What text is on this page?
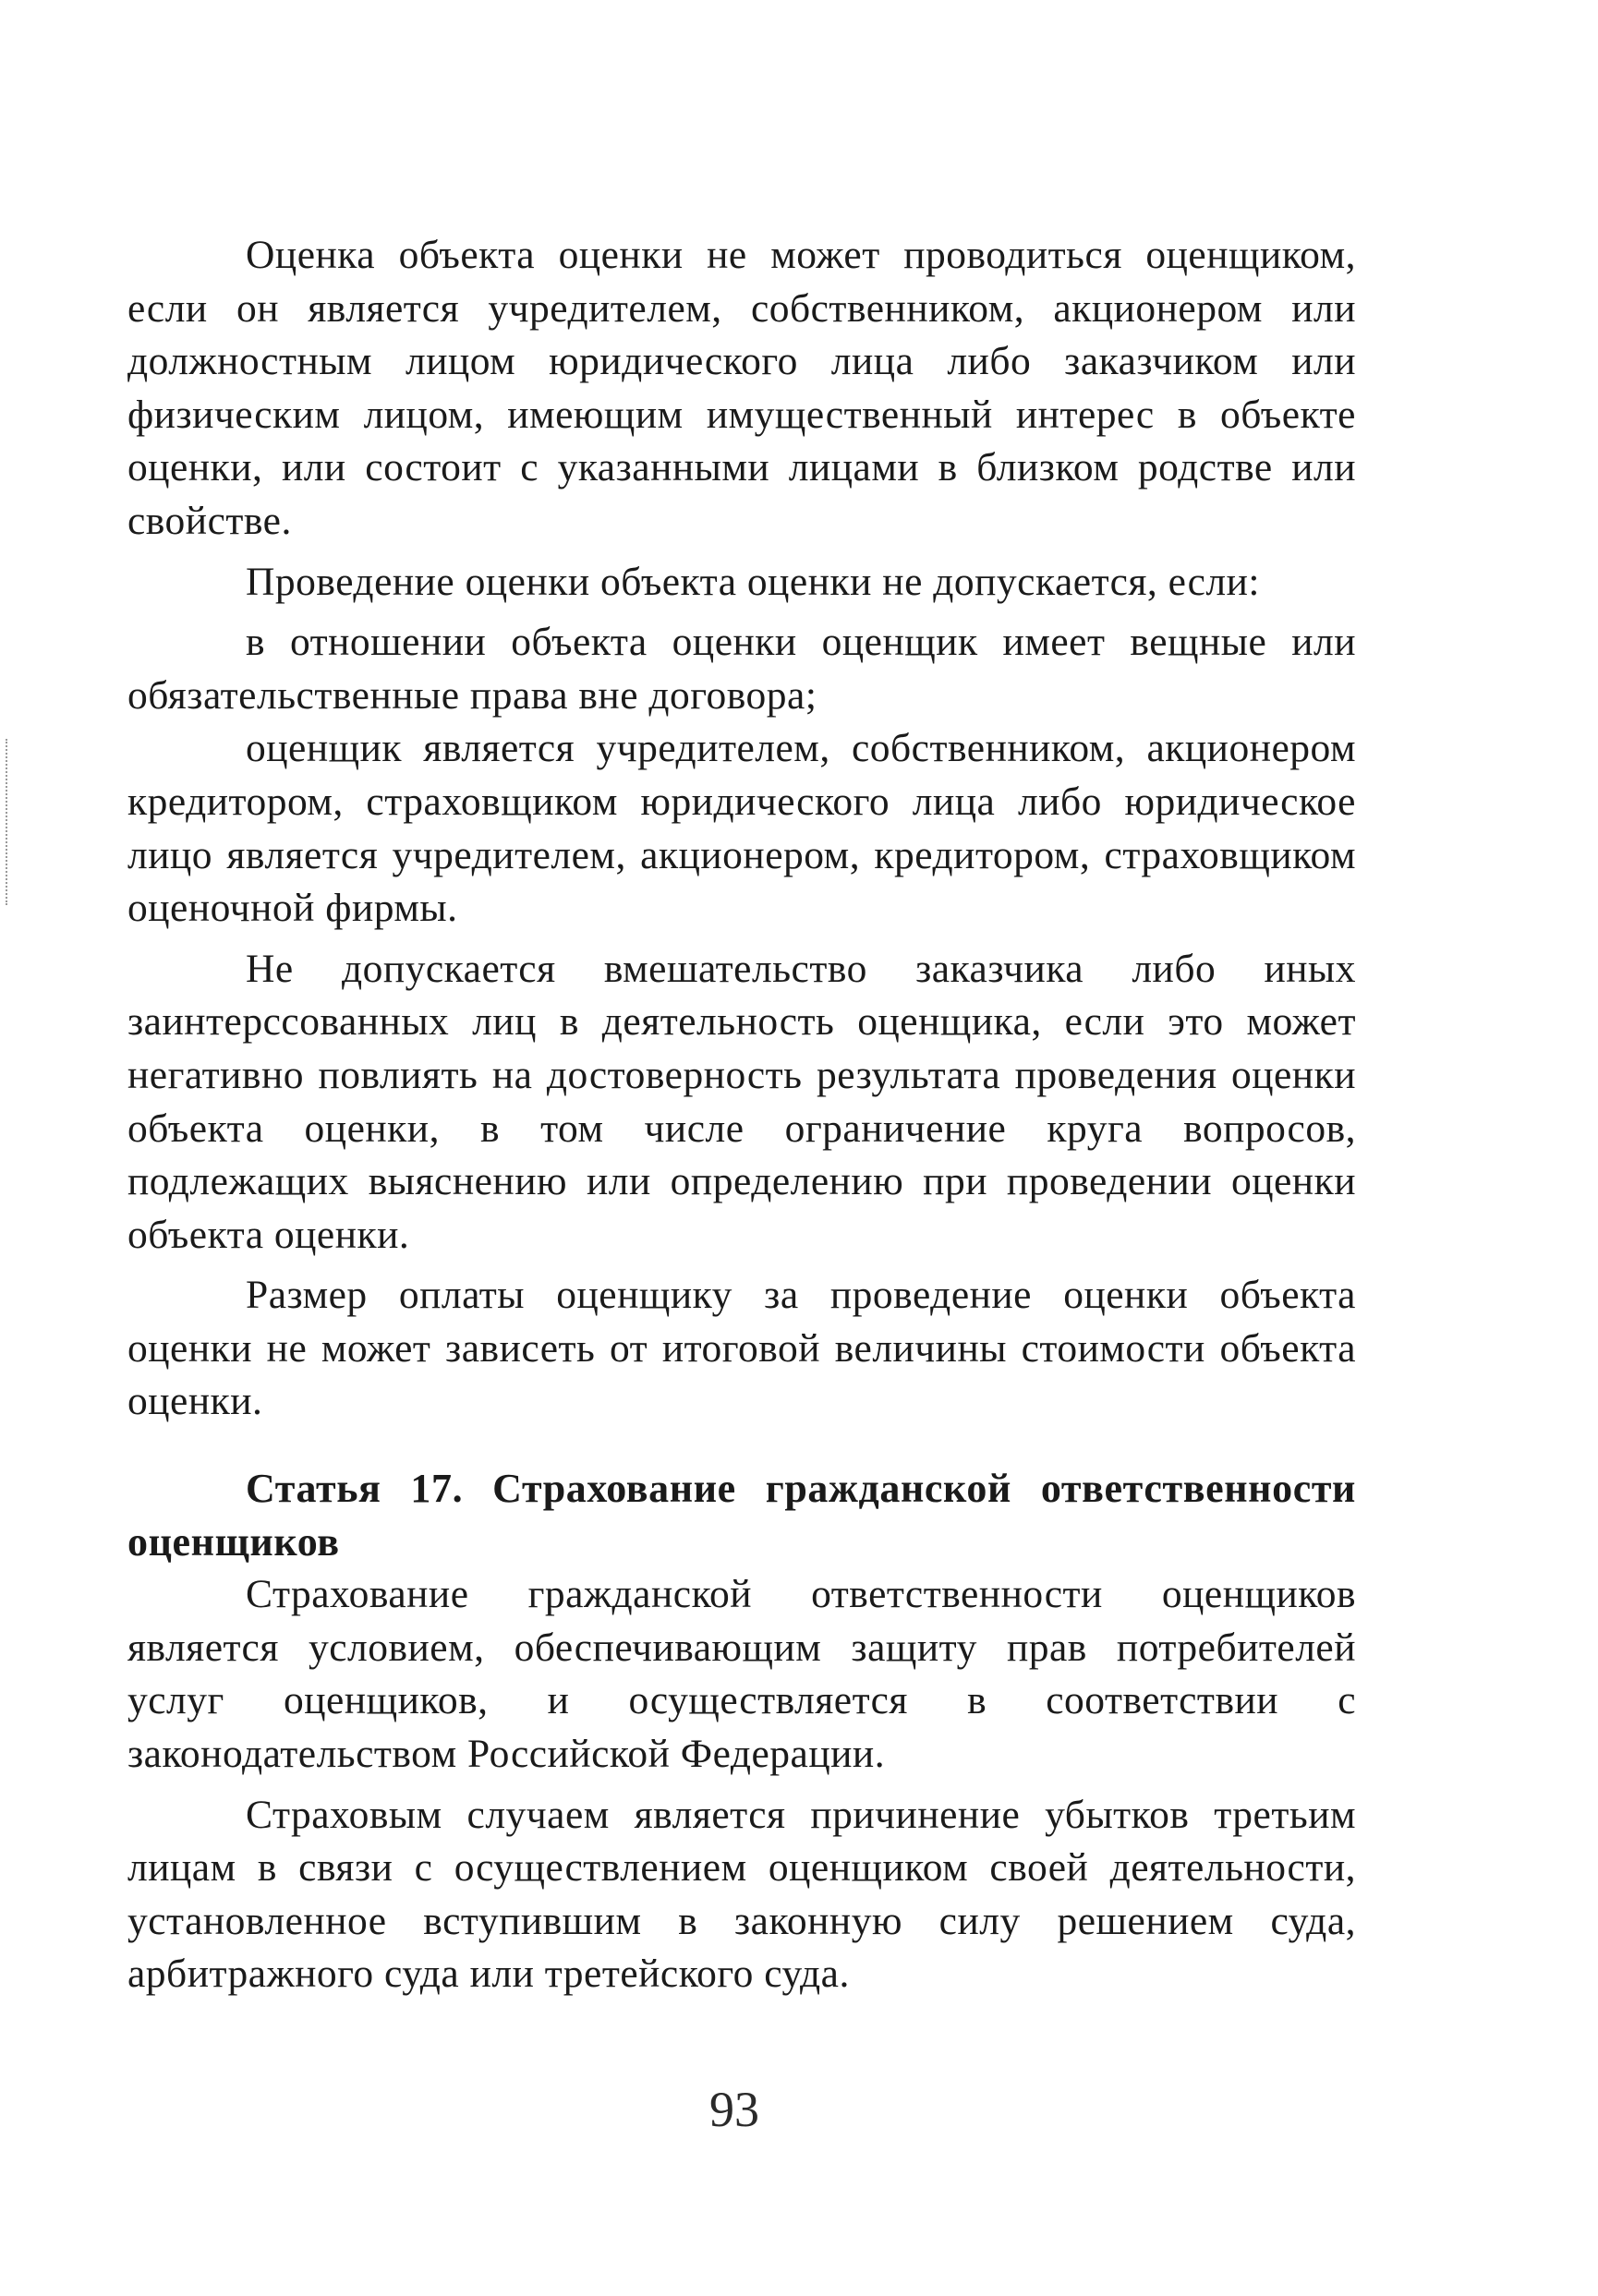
Оценка объекта оценки не может проводиться оценщиком, если он является учредителем, собственником, акционером или должностным лицом юридического лица либо заказчиком или физическим лицом, имеющим имущественный интерес в объекте оценки, или состоит с указанными лицами в близком родстве или свойстве.

Проведение оценки объекта оценки не допускается, если:

в отношении объекта оценки оценщик имеет вещные или обязательственные права вне договора;

оценщик является учредителем, собственником, акционером кредитором, страховщиком юридического лица либо юридическое лицо является учредителем, акционером, кредитором, страховщиком оценочной фирмы.

Не допускается вмешательство заказчика либо иных заинтерсcованных лиц в деятельность оценщика, если это может негативно повлиять на достоверность результата проведения оценки объекта оценки, в том числе ограничение круга вопросов, подлежащих выяснению или определению при проведении оценки объекта оценки.

Размер оплаты оценщику за проведение оценки объекта оценки не может зависеть от итоговой величины стоимости объекта оценки.

Статья 17. Страхование гражданской ответственности оценщиков

Страхование гражданской ответственности оценщиков является условием, обеспечивающим защиту прав потребителей услуг оценщиков, и осуществляется в соответствии с законодательством Российской Федерации.

Страховым случаем является причинение убытков третьим лицам в связи с осуществлением оценщиком своей деятельности, установленное вступившим в законную силу решением суда, арбитражного суда или третейского суда.

93
